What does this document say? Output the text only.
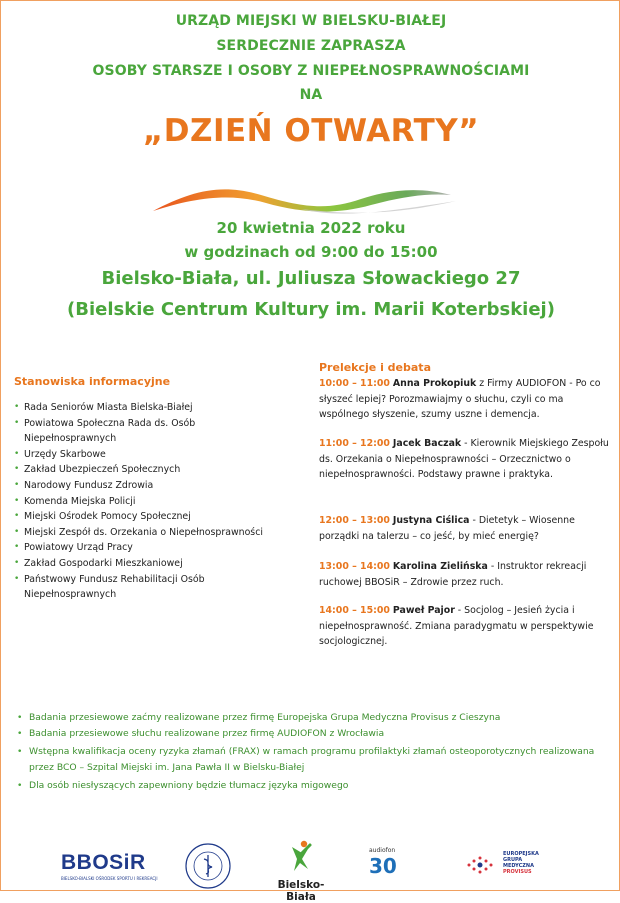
URZĄD MIEJSKI W BIELSKU-BIAŁEJ
SERDECZNIE ZAPRASZA
OSOBY STARSZE I OSOBY Z NIEPEŁNOSPRAWNOŚCIAMI
NA
„DZIEŃ OTWARTY”
20 kwietnia 2022 roku
w godzinach od 9:00 do 15:00
Bielsko-Biała, ul. Juliusza Słowackiego 27
(Bielskie Centrum Kultury im. Marii Koterbskiej)
Stanowiska informacyjne
• Rada Seniorów Miasta Bielska-Białej
• Powiatowa Społeczna Rada ds. Osób Niepełnosprawnych
• Urzędy Skarbowe
• Zakład Ubezpieczeń Społecznych
• Narodowy Fundusz Zdrowia
• Komenda Miejska Policji
• Miejski Ośrodek Pomocy Społecznej
• Miejski Zespół ds. Orzekania o Niepełnosprawności
• Powiatowy Urząd Pracy
• Zakład Gospodarki Mieszkaniowej
• Państwowy Fundusz Rehabilitacji Osób Niepełnosprawnych
Prelekcje i debata
10:00 – 11:00 Anna Prokopiuk z Firmy AUDIOFON - Po co słyszeć lepiej? Porozmawiajmy o słuchu, czyli co ma wspólnego słyszenie, szumy uszne i demencja.
11:00 – 12:00 Jacek Baczak - Kierownik Miejskiego Zespołu ds. Orzekania o Niepełnosprawności – Orzecznictwo o niepełnosprawności. Podstawy prawne i praktyka.
12:00 – 13:00 Justyna Ciślica - Dietetyk – Wiosenne porządki na talerzu – co jeść, by mieć energię?
13:00 – 14:00 Karolina Zielińska - Instruktor rekreacji ruchowej BBOSiR – Zdrowie przez ruch.
14:00 – 15:00 Paweł Pajor - Socjolog – Jesień życia i niepełnosprawność. Zmiana paradygmatu w perspektywie socjologicznej.
• Badania przesiewowe zaćmy realizowane przez firmę Europejska Grupa Medyczna Provisus z Cieszyna
• Badania przesiewowe słuchu realizowane przez firmę AUDIOFON z Wrocławia
• Wstępna kwalifikacja oceny ryzyka złamań (FRAX) w ramach programu profilaktyki złamań osteoporotycznych realizowana przez BCO – Szpital Miejski im. Jana Pawła II w Bielsku-Białej
• Dla osób niesłyszących zapewniony będzie tłumacz języka migowego
BBOSiR
BIELSKO-BIALSKI OŚRODEK SPORTU I REKREACJI
Bielsko-Biała
audiofon
30	EUROPEJSKA
GRUPA
MEDYCZNA
PROVISUS
